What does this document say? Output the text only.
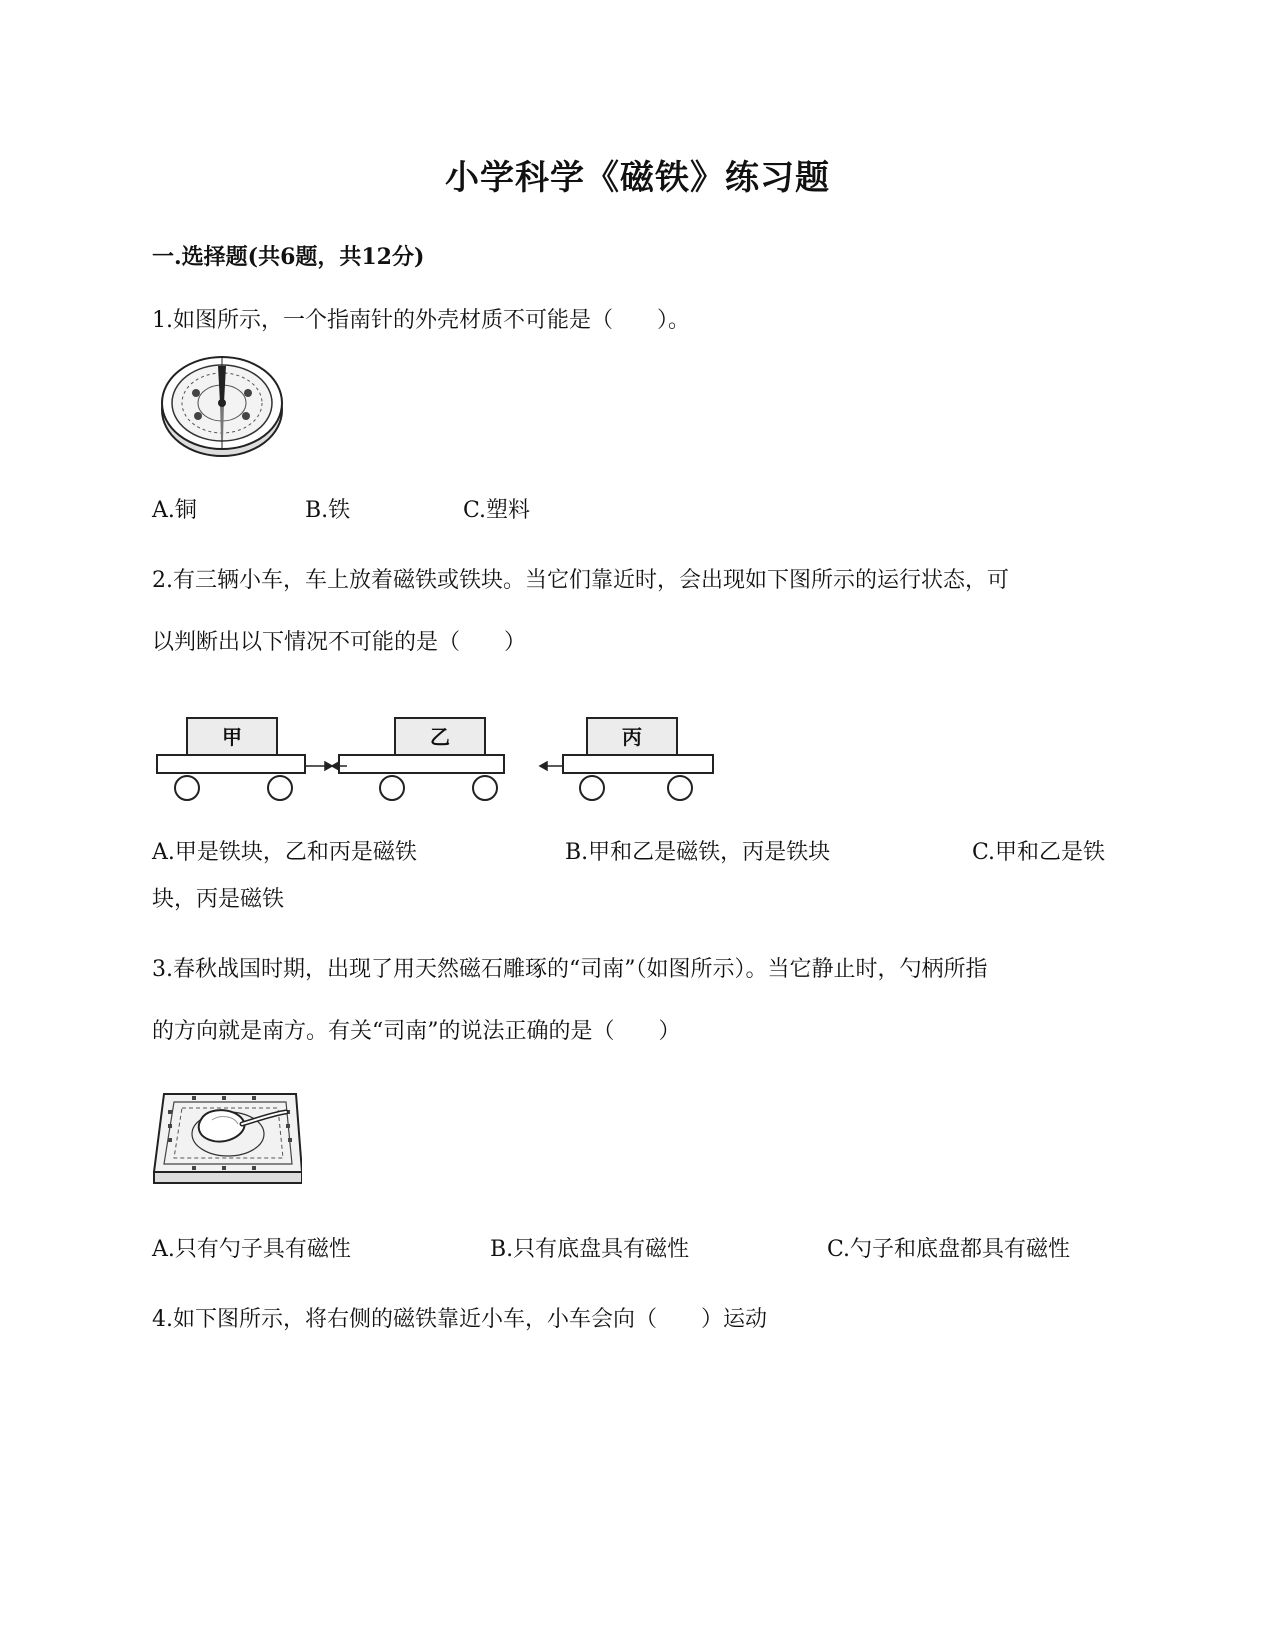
小学科学《磁铁》练习题
一.选择题(共6题，共12分)
1.如图所示，一个指南针的外壳材质不可能是（　　）。
A.铜	B.铁	C.塑料
2.有三辆小车，车上放着磁铁或铁块。当它们靠近时，会出现如下图所示的运行状态，可
以判断出以下情况不可能的是（　　）
甲	乙	丙
A.甲是铁块，乙和丙是磁铁	B.甲和乙是磁铁，丙是铁块	C.甲和乙是铁
块，丙是磁铁
3.春秋战国时期，出现了用天然磁石雕琢的“司南”（如图所示）。当它静止时，勺柄所指
的方向就是南方。有关“司南”的说法正确的是（　　）
A.只有勺子具有磁性	B.只有底盘具有磁性	C.勺子和底盘都具有磁性
4.如下图所示，将右侧的磁铁靠近小车，小车会向（　　）运动
